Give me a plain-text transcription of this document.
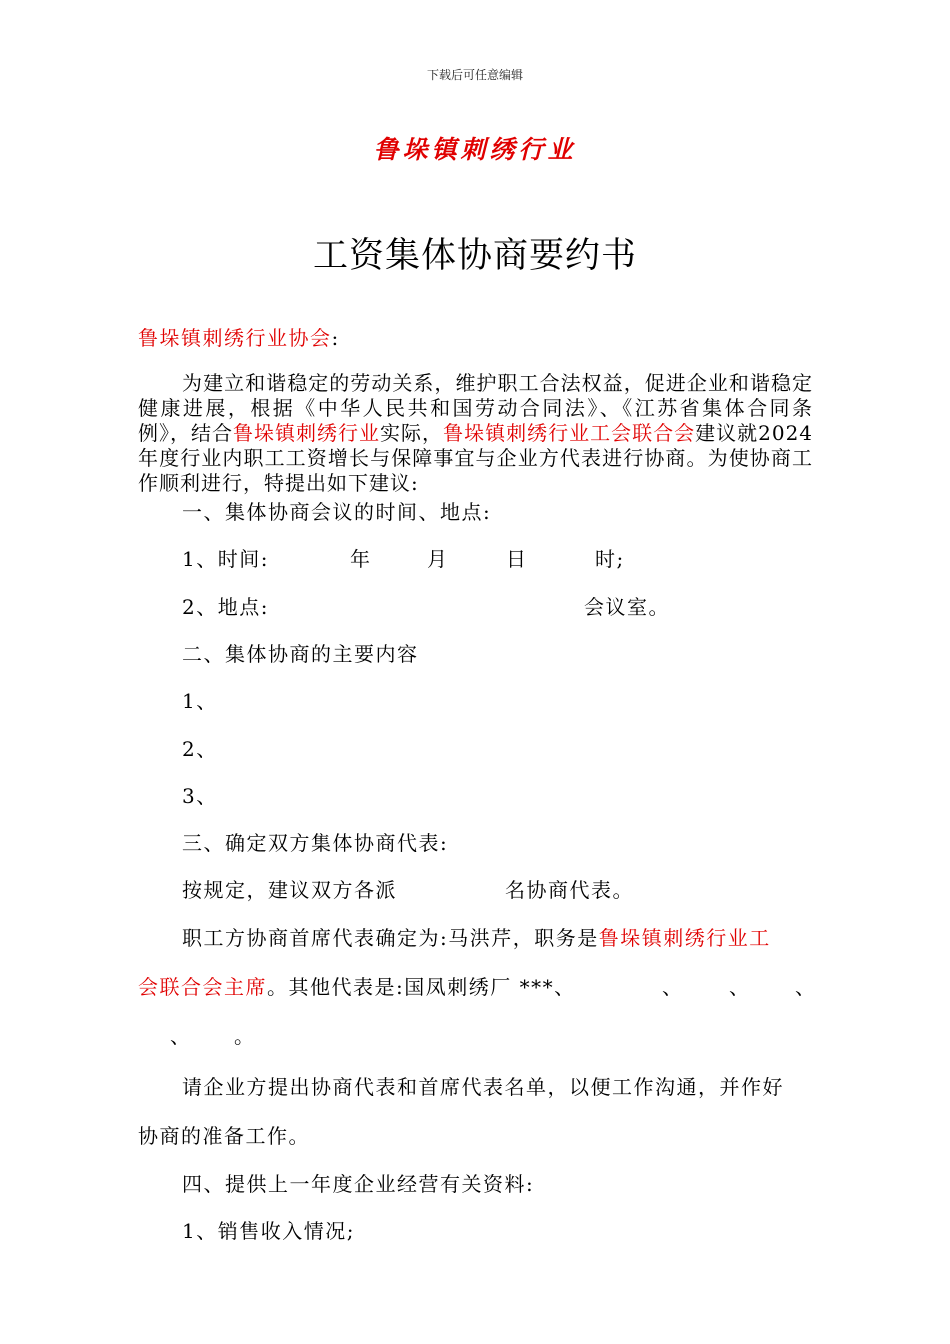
下载后可任意编辑
鲁垛镇刺绣行业
工资集体协商要约书
鲁垛镇刺绣行业协会:
为建立和谐稳定的劳动关系，维护职工合法权益，促进企业和谐稳定健康进展，根据《中华人民共和国劳动合同法》、《江苏省集体合同条例》，结合鲁垛镇刺绣行业实际，鲁垛镇刺绣行业工会联合会建议就2024年度行业内职工工资增长与保障事宜与企业方代表进行协商。为使协商工作顺利进行，特提出如下建议:
一、集体协商会议的时间、地点:
1、时间:	年	月	日	时;
2、地点:	会议室。
二、集体协商的主要内容
1、
2、
3、
三、确定双方集体协商代表:
按规定，建议双方各派	名协商代表。
职工方协商首席代表确定为:马洪芹，职务是鲁垛镇刺绣行业工
会联合会主席。其他代表是:国凤刺绣厂 ***、	、 、 、
、 。
请企业方提出协商代表和首席代表名单，以便工作沟通，并作好
协商的准备工作。
四、提供上一年度企业经营有关资料:
1、销售收入情况;
